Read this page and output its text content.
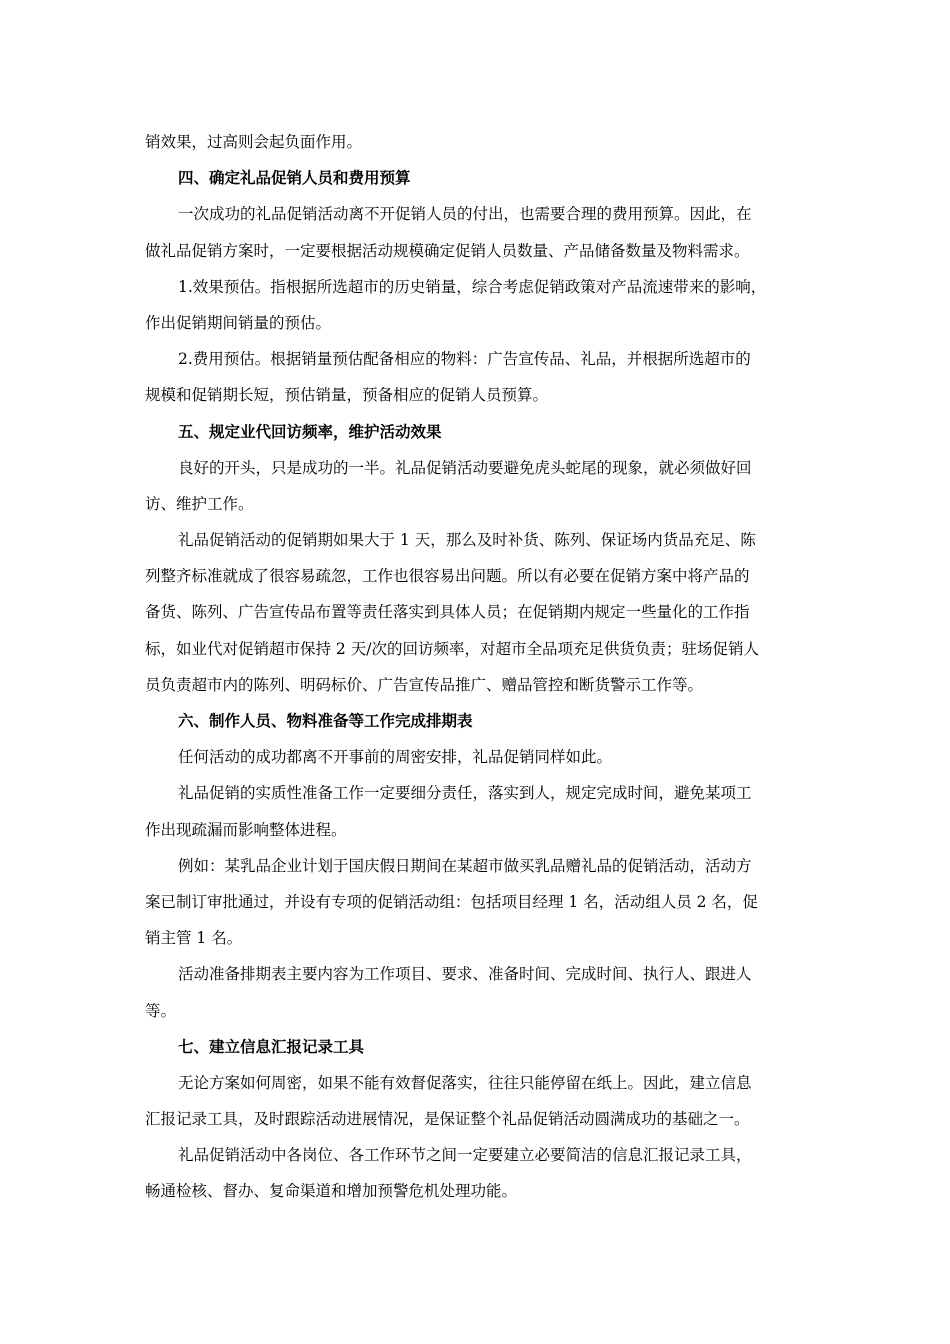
销效果，过高则会起负面作用。
四、确定礼品促销人员和费用预算
一次成功的礼品促销活动离不开促销人员的付出，也需要合理的费用预算。因此，在
做礼品促销方案时，一定要根据活动规模确定促销人员数量、产品储备数量及物料需求。
1.效果预估。指根据所选超市的历史销量，综合考虑促销政策对产品流速带来的影响，
作出促销期间销量的预估。
2.费用预估。根据销量预估配备相应的物料：广告宣传品、礼品，并根据所选超市的
规模和促销期长短，预估销量，预备相应的促销人员预算。
五、规定业代回访频率，维护活动效果
良好的开头，只是成功的一半。礼品促销活动要避免虎头蛇尾的现象，就必须做好回
访、维护工作。
礼品促销活动的促销期如果大于 1 天，那么及时补货、陈列、保证场内货品充足、陈
列整齐标准就成了很容易疏忽，工作也很容易出问题。所以有必要在促销方案中将产品的
备货、陈列、广告宣传品布置等责任落实到具体人员；在促销期内规定一些量化的工作指
标，如业代对促销超市保持 2 天/次的回访频率，对超市全品项充足供货负责；驻场促销人
员负责超市内的陈列、明码标价、广告宣传品推广、赠品管控和断货警示工作等。
六、制作人员、物料准备等工作完成排期表
任何活动的成功都离不开事前的周密安排，礼品促销同样如此。
礼品促销的实质性准备工作一定要细分责任，落实到人，规定完成时间，避免某项工
作出现疏漏而影响整体进程。
例如：某乳品企业计划于国庆假日期间在某超市做买乳品赠礼品的促销活动，活动方
案已制订审批通过，并设有专项的促销活动组：包括项目经理 1 名，活动组人员 2 名，促
销主管 1 名。
活动准备排期表主要内容为工作项目、要求、准备时间、完成时间、执行人、跟进人
等。
七、建立信息汇报记录工具
无论方案如何周密，如果不能有效督促落实，往往只能停留在纸上。因此，建立信息
汇报记录工具，及时跟踪活动进展情况，是保证整个礼品促销活动圆满成功的基础之一。
礼品促销活动中各岗位、各工作环节之间一定要建立必要简洁的信息汇报记录工具，
畅通检核、督办、复命渠道和增加预警危机处理功能。
